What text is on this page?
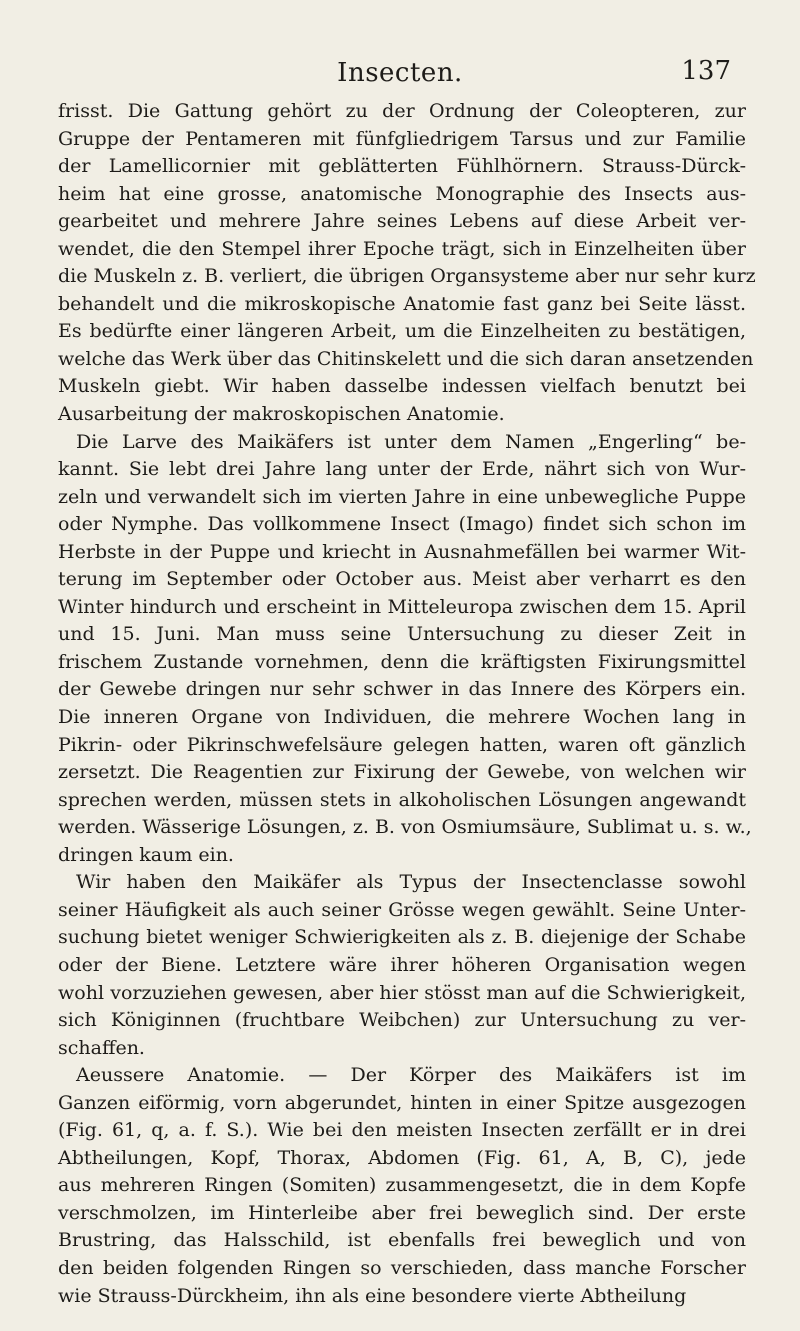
Insecten.	137
frisst. Die Gattung gehört zu der Ordnung der Coleopteren, zur
Gruppe der Pentameren mit fünfgliedrigem Tarsus und zur Familie
der Lamellicornier mit geblätterten Fühlhörnern. Strauss-Dürck-
heim hat eine grosse, anatomische Monographie des Insects aus-
gearbeitet und mehrere Jahre seines Lebens auf diese Arbeit ver-
wendet, die den Stempel ihrer Epoche trägt, sich in Einzelheiten über
die Muskeln z. B. verliert, die übrigen Organsysteme aber nur sehr kurz
behandelt und die mikroskopische Anatomie fast ganz bei Seite lässt.
Es bedürfte einer längeren Arbeit, um die Einzelheiten zu bestätigen,
welche das Werk über das Chitinskelett und die sich daran ansetzenden
Muskeln giebt. Wir haben dasselbe indessen vielfach benutzt bei
Ausarbeitung der makroskopischen Anatomie.
Die Larve des Maikäfers ist unter dem Namen „Engerling“ be-
kannt. Sie lebt drei Jahre lang unter der Erde, nährt sich von Wur-
zeln und verwandelt sich im vierten Jahre in eine unbewegliche Puppe
oder Nymphe. Das vollkommene Insect (Imago) findet sich schon im
Herbste in der Puppe und kriecht in Ausnahmefällen bei warmer Wit-
terung im September oder October aus. Meist aber verharrt es den
Winter hindurch und erscheint in Mitteleuropa zwischen dem 15. April
und 15. Juni. Man muss seine Untersuchung zu dieser Zeit in
frischem Zustande vornehmen, denn die kräftigsten Fixirungsmittel
der Gewebe dringen nur sehr schwer in das Innere des Körpers ein.
Die inneren Organe von Individuen, die mehrere Wochen lang in
Pikrin- oder Pikrinschwefelsäure gelegen hatten, waren oft gänzlich
zersetzt. Die Reagentien zur Fixirung der Gewebe, von welchen wir
sprechen werden, müssen stets in alkoholischen Lösungen angewandt
werden. Wässerige Lösungen, z. B. von Osmiumsäure, Sublimat u. s. w.,
dringen kaum ein.
Wir haben den Maikäfer als Typus der Insectenclasse sowohl
seiner Häufigkeit als auch seiner Grösse wegen gewählt. Seine Unter-
suchung bietet weniger Schwierigkeiten als z. B. diejenige der Schabe
oder der Biene. Letztere wäre ihrer höheren Organisation wegen
wohl vorzuziehen gewesen, aber hier stösst man auf die Schwierigkeit,
sich Königinnen (fruchtbare Weibchen) zur Untersuchung zu ver-
schaffen.
Aeussere Anatomie. — Der Körper des Maikäfers ist im
Ganzen eiförmig, vorn abgerundet, hinten in einer Spitze ausgezogen
(Fig. 61, q, a. f. S.). Wie bei den meisten Insecten zerfällt er in drei
Abtheilungen, Kopf, Thorax, Abdomen (Fig. 61, A, B, C), jede
aus mehreren Ringen (Somiten) zusammengesetzt, die in dem Kopfe
verschmolzen, im Hinterleibe aber frei beweglich sind. Der erste
Brustring, das Halsschild, ist ebenfalls frei beweglich und von
den beiden folgenden Ringen so verschieden, dass manche Forscher
wie Strauss-Dürckheim, ihn als eine besondere vierte Abtheilung
